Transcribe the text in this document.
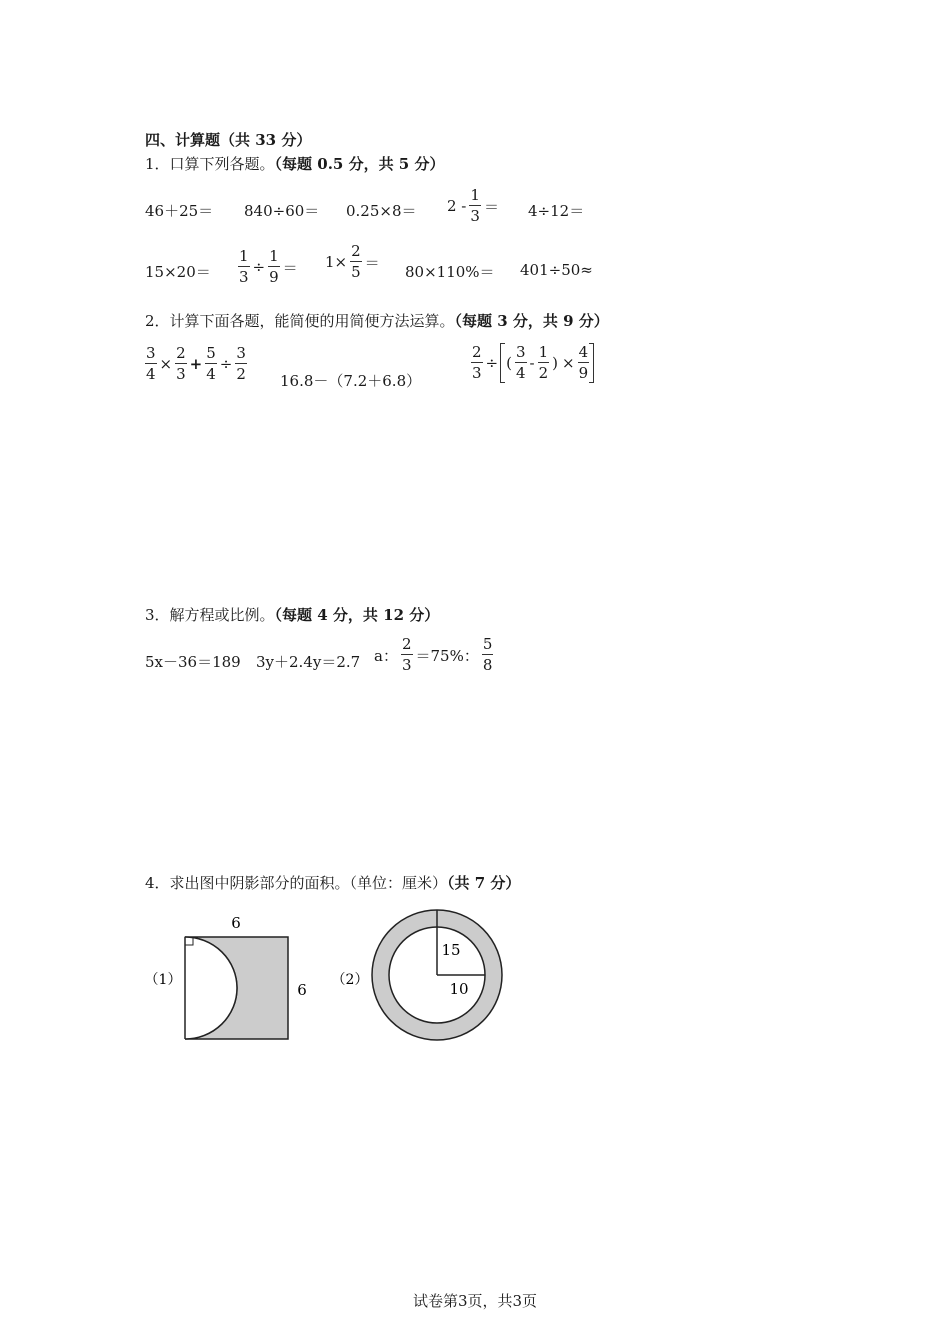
四、计算题（共 33 分）
1．口算下列各题。（每题 0.5 分，共 5 分）
$46+25= 840\div 60= 0.25\times 8= 2 - \frac{1}{3} = 4\div 12=$
$15\times 20= \frac{1}{3} \div \frac{1}{9} = 1\times \frac{2}{5}$ ＝
80×110%＝ 401÷50≈
2．计算下面各题，能简便的用简便方法运算。（每题 3 分，共 9 分）
$\frac{3}{4} \times \frac{2}{3} + \frac{5}{4} \div \frac{3}{2} 16.8-(7.2+6.8)$	$\frac{2}{3}$ ÷ ( $\frac{3}{4} - \frac{1}{2}$ ) × $\frac{4}{9}$
3．解方程或比例。（每题 4 分，共 12 分）
5x－36＝189 3y＋2.4y＝2.7 a： $\frac{2}{3} =75\%$： $\frac{5}{8}$
4．求出图中阴影部分的面积。（单位：厘米）（共 7 分）
6
6
（1）
15
10
（2）
试卷第3页，共3页
